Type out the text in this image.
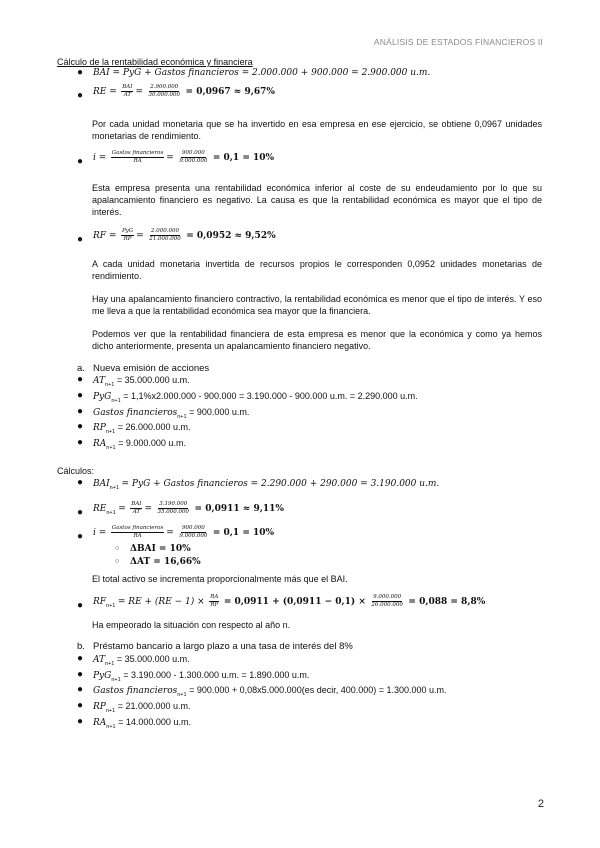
ANÁLISIS DE ESTADOS FINANCIEROS II
Cálculo de la rentabilidad económica y financiera
● BAI = PyG + Gastos financieros = 2.000.000 + 900.000 = 2.900.000 u.m.
● RE = $\frac{\text{BAI}}{AT} = \frac{2.900.000}{30.000.000} = 0,0967 \approx 9,67\%$
Por cada unidad monetaria que se ha invertido en esa empresa en ese ejercicio, se obtiene 0,0967 unidades monetarias de rendimiento.
● $i = \frac{\text{Gastos financieros}}{RA} = \frac{900.000}{9.000.000} = 0,1 = 10\%$
Esta empresa presenta una rentabilidad económica inferior al coste de su endeudamiento por lo que su apalancamiento financiero es negativo. La causa es que la rentabilidad económica es mayor que el tipo de interés.
● RF = $\frac{\text{PyG}}{RP} = \frac{2.000.000}{21.000.000} = 0,0952 \approx 9,52\%$
A cada unidad monetaria invertida de recursos propios le corresponden 0,0952 unidades monetarias de rendimiento.
Hay una apalancamiento financiero contractivo, la rentabilidad económica es menor que el tipo de interés. Y eso me lleva a que la rentabilidad económica sea mayor que la financiera.
Podemos ver que la rentabilidad financiera de esta empresa es menor que la económica y como ya hemos dicho anteriormente, presenta un apalancamiento financiero negativo.
a. Nueva emisión de acciones
● $AT_{n+1} = 35.000.000$ u.m.
● PyG$_{n+1}$ = 1,1%x2.000.000 - 900.000 = 3.190.000 - 900.000 u.m. = 2.290.000 u.m.
● Gastos financieros$_{n+1}$ = 900.000 u.m.
● $RP_{n+1} = 26.000.000$ u.m.
● $RA_{n+1} = 9.000.000$ u.m.
Cálculos:
● $BAI_{n+1}$ = PyG + Gastos financieros = 2.290.000 + 290.000 = 3.190.000 u.m.
● $RE_{n+1} = \frac{\text{BAI}}{AT} = \frac{3.190.000}{35.000.000} = 0,0911 \approx 9,11\%$
● $i = \frac{\text{Gastos financieros}}{RA} = \frac{900.000}{9.000.000} = 0,1 = 10\%$
○ ΔBAI = 10%
○ ΔAT = 16,66%
El total activo se incrementa proporcionalmente más que el BAI.
● $RF_{n+1}$ = RE + $(RE - 1) \times \frac{RA}{RP} = 0,0911 + (0,0911 - 0,1) \times \frac{9.000.000}{26.000.000} = 0,088 = 8,8\%$
Ha empeorado la situación con respecto al año n.
b. Préstamo bancario a largo plazo a una tasa de interés del 8%
● $AT_{n+1} = 35.000.000$ u.m.
● PyG$_{n+1}$ = 3.190.000 - 1.300.000 u.m. = 1.890.000 u.m.
● Gastos financieros$_{n+1}$ = 900.000 + 0,08x5.000.000(es decir, 400.000) = 1.300.000 u.m.
● $RP_{n+1} = 21.000.000$ u.m.
● $RA_{n+1} = 14.000.000$ u.m.
2
